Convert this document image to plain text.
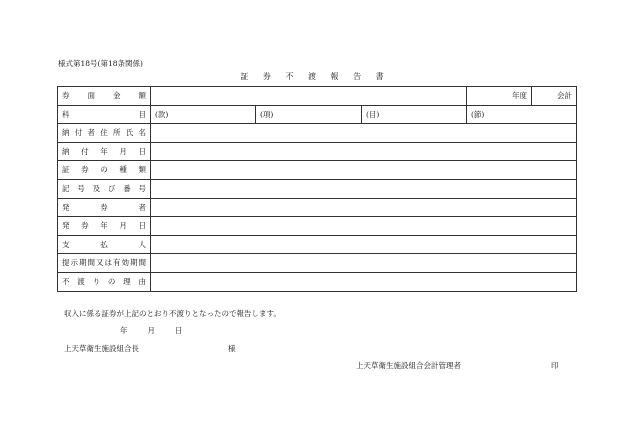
様式第18号(第18条関係)
証 券 不 渡 報 告 書
券 面 金 額				年度	会計
科 目	(款)	(項)	(目)	(節)	
納付者住所氏名					
納 付 年 月 日					
証 券 の 種 類					
記号及び番号					
発 券 者					
発 券 年 月 日					
支 払 人					
提示期間又は有効期間					
不 渡 り の 理 由					
収入に係る証券が上記のとおり不渡りとなったので報告します。
年	月	日
上天草衛生施設組合長	様
上天草衛生施設組合会計管理者	印
